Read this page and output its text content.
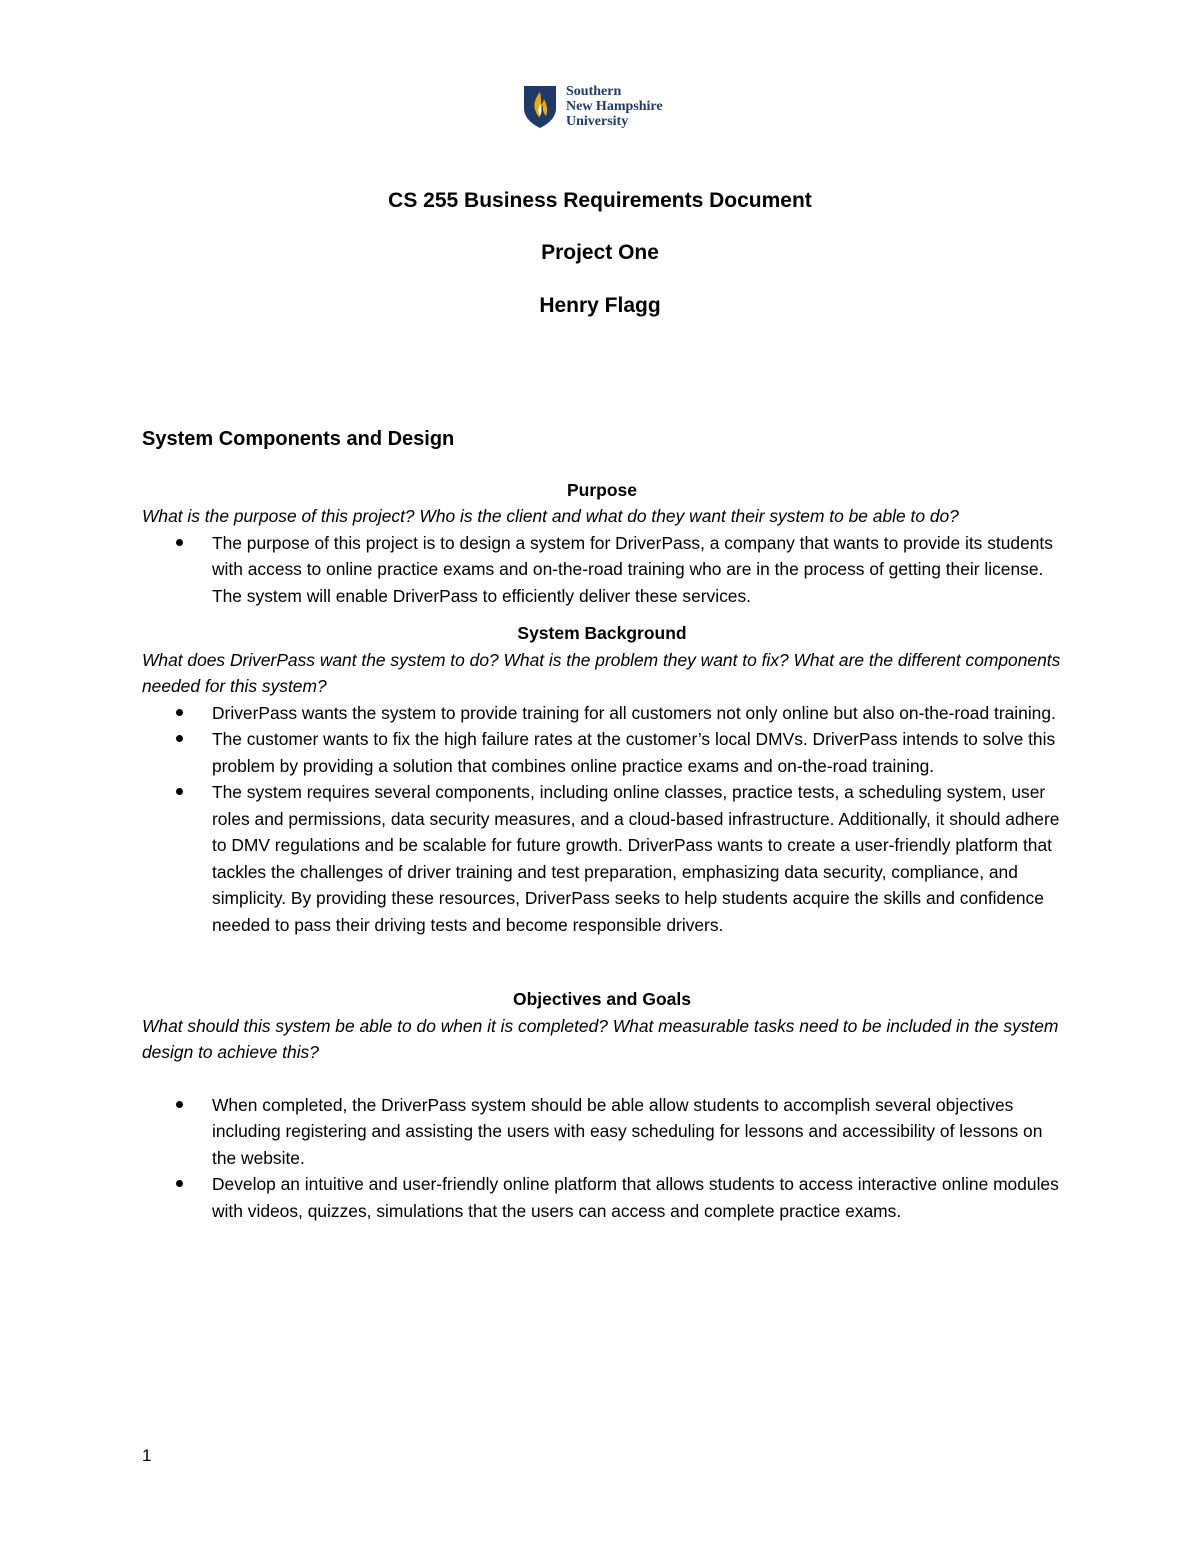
Southern
New Hampshire
University
CS 255 Business Requirements Document
Project One
Henry Flagg
System Components and Design
Purpose

What is the purpose of this project? Who is the client and what do they want their system to be able to do?

The purpose of this project is to design a system for DriverPass, a company that wants to provide its students with access to online practice exams and on-the-road training who are in the process of getting their license. The system will enable DriverPass to efficiently deliver these services.
System Background

What does DriverPass want the system to do? What is the problem they want to fix? What are the different components needed for this system?

DriverPass wants the system to provide training for all customers not only online but also on-the-road training.
The customer wants to fix the high failure rates at the customer’s local DMVs. DriverPass intends to solve this problem by providing a solution that combines online practice exams and on-the-road training.
The system requires several components, including online classes, practice tests, a scheduling system, user roles and permissions, data security measures, and a cloud-based infrastructure. Additionally, it should adhere to DMV regulations and be scalable for future growth. DriverPass wants to create a user-friendly platform that tackles the challenges of driver training and test preparation, emphasizing data security, compliance, and simplicity. By providing these resources, DriverPass seeks to help students acquire the skills and confidence needed to pass their driving tests and become responsible drivers.
Objectives and Goals

What should this system be able to do when it is completed? What measurable tasks need to be included in the system design to achieve this?

When completed, the DriverPass system should be able allow students to accomplish several objectives including registering and assisting the users with easy scheduling for lessons and accessibility of lessons on the website.
Develop an intuitive and user-friendly online platform that allows students to access interactive online modules with videos, quizzes, simulations that the users can access and complete practice exams.
1
